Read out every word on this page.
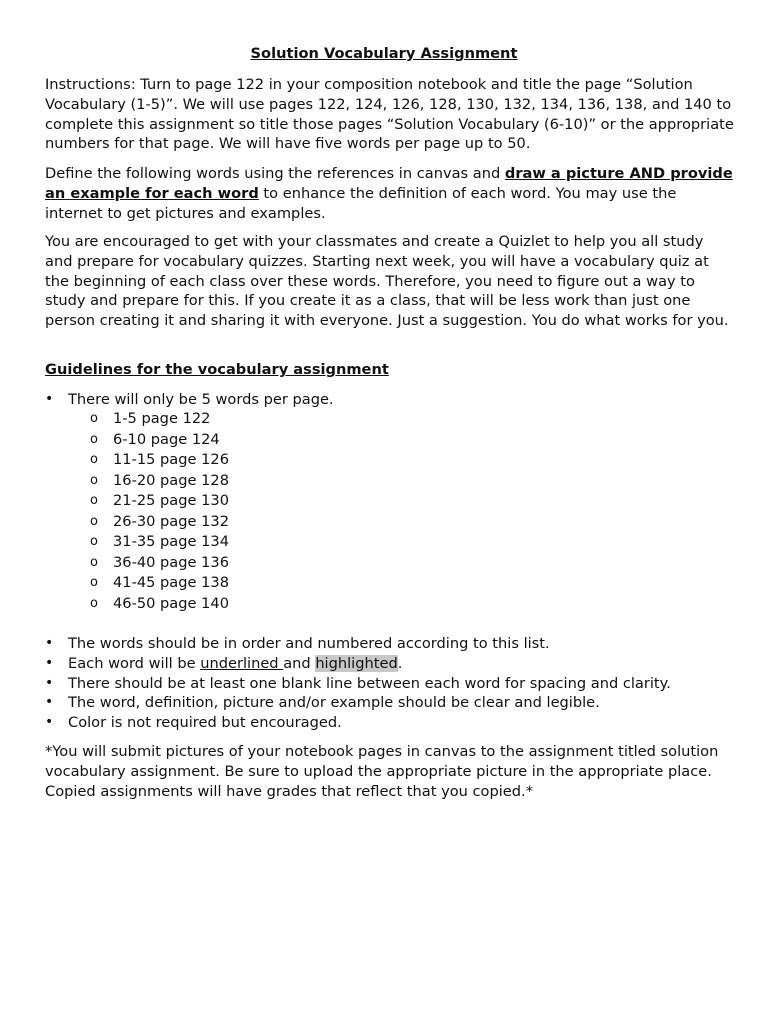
Solution Vocabulary Assignment

Instructions: Turn to page 122 in your composition notebook and title the page “Solution Vocabulary (1-5)”. We will use pages 122, 124, 126, 128, 130, 132, 134, 136, 138, and 140 to complete this assignment so title those pages “Solution Vocabulary (6-10)” or the appropriate numbers for that page. We will have five words per page up to 50.

Define the following words using the references in canvas and draw a picture AND provide an example for each word to enhance the definition of each word. You may use the internet to get pictures and examples.

You are encouraged to get with your classmates and create a Quizlet to help you all study and prepare for vocabulary quizzes. Starting next week, you will have a vocabulary quiz at the beginning of each class over these words. Therefore, you need to figure out a way to study and prepare for this. If you create it as a class, that will be less work than just one person creating it and sharing it with everyone. Just a suggestion. You do what works for you.

Guidelines for the vocabulary assignment

• There will only be 5 words per page.
o 1-5 page 122
o 6-10 page 124
o 11-15 page 126
o 16-20 page 128
o 21-25 page 130
o 26-30 page 132
o 31-35 page 134
o 36-40 page 136
o 41-45 page 138
o 46-50 page 140
• The words should be in order and numbered according to this list.
• Each word will be underlined and highlighted.
• There should be at least one blank line between each word for spacing and clarity.
• The word, definition, picture and/or example should be clear and legible.
• Color is not required but encouraged.

*You will submit pictures of your notebook pages in canvas to the assignment titled solution vocabulary assignment. Be sure to upload the appropriate picture in the appropriate place. Copied assignments will have grades that reflect that you copied.*
